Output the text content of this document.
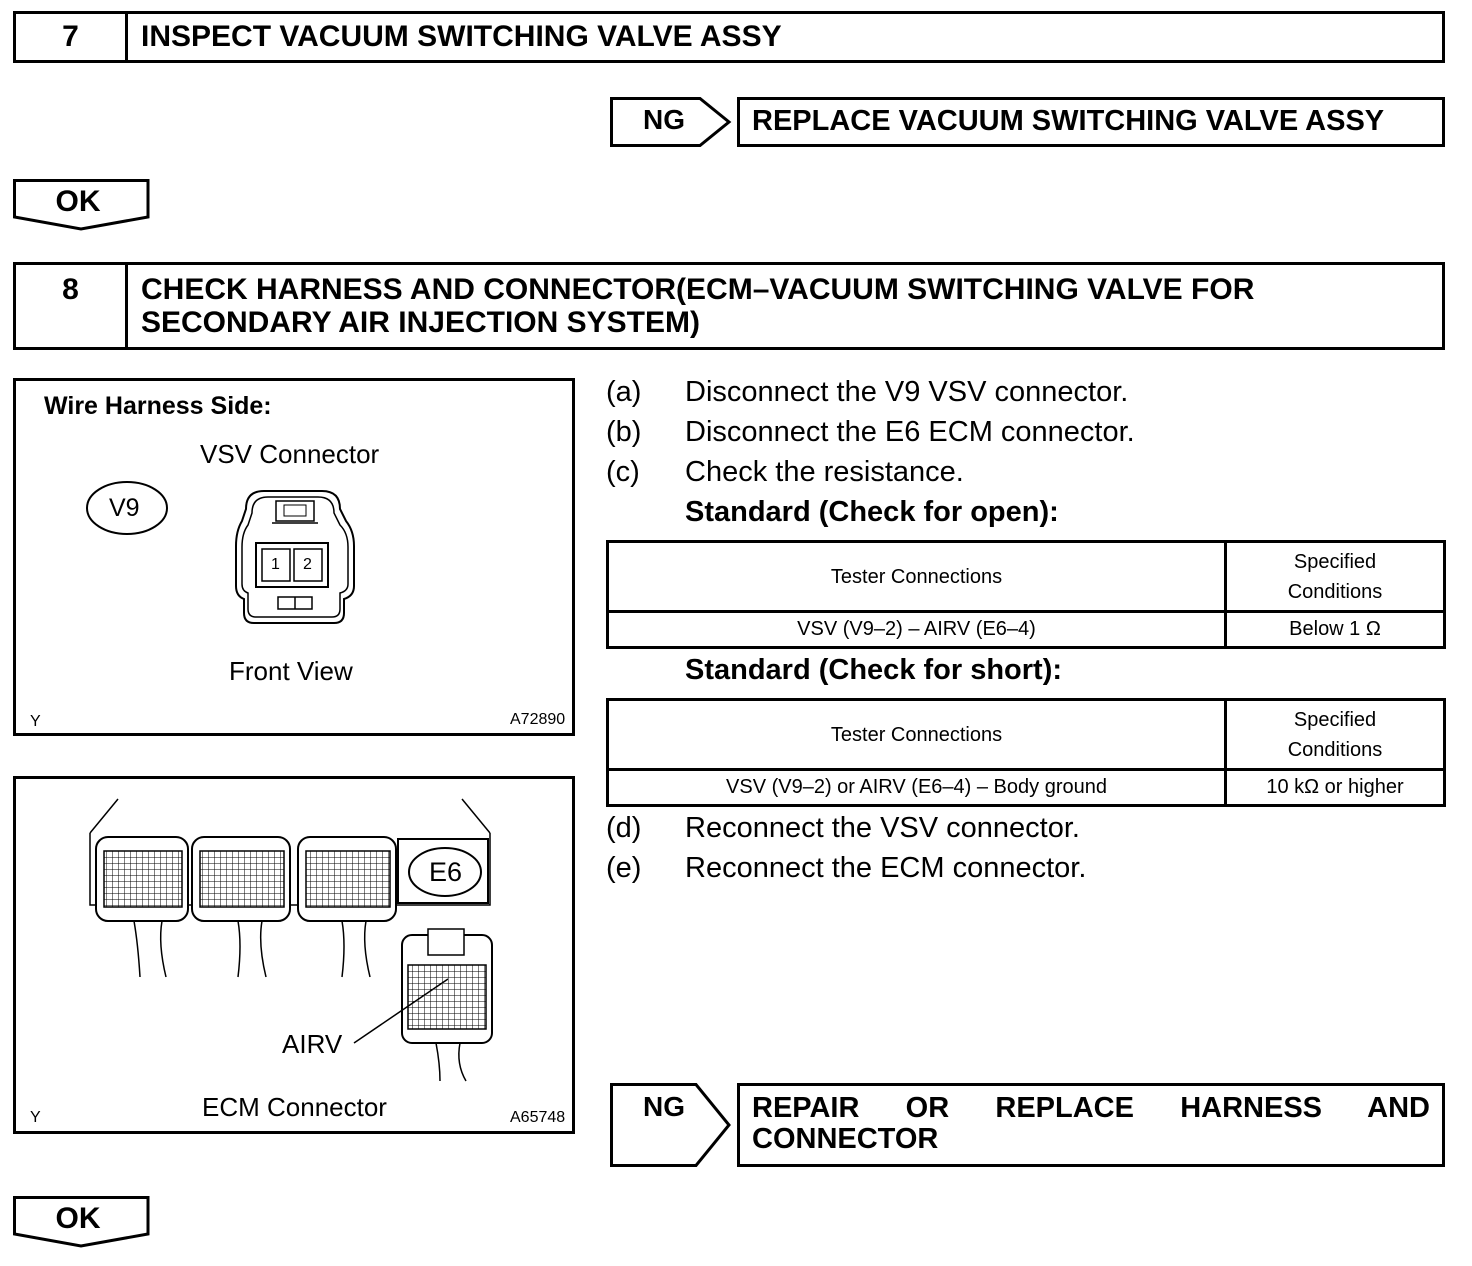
7	INSPECT VACUUM SWITCHING VALVE ASSY
NG	REPLACE VACUUM SWITCHING VALVE ASSY
OK
8	CHECK HARNESS AND CONNECTOR(ECM–VACUUM SWITCHING VALVE FOR
SECONDARY AIR INJECTION SYSTEM)
Wire Harness Side:
VSV Connector
V9
1 2
Front View
Y	A72890
E6
AIRV
ECM Connector
Y	A65748
(a) Disconnect the V9 VSV connector.
(b) Disconnect the E6 ECM connector.
(c) Check the resistance.
Standard (Check for open):
Tester Connections	Specified
Conditions

VSV (V9–2) – AIRV (E6–4)	Below 1 Ω
Standard (Check for short):
Tester Connections	Specified
Conditions

VSV (V9–2) or AIRV (E6–4) – Body ground	10 kΩ or higher
(d) Reconnect the VSV connector.
(e) Reconnect the ECM connector.
NG	REPAIR OR REPLACE HARNESS AND
CONNECTOR
OK
